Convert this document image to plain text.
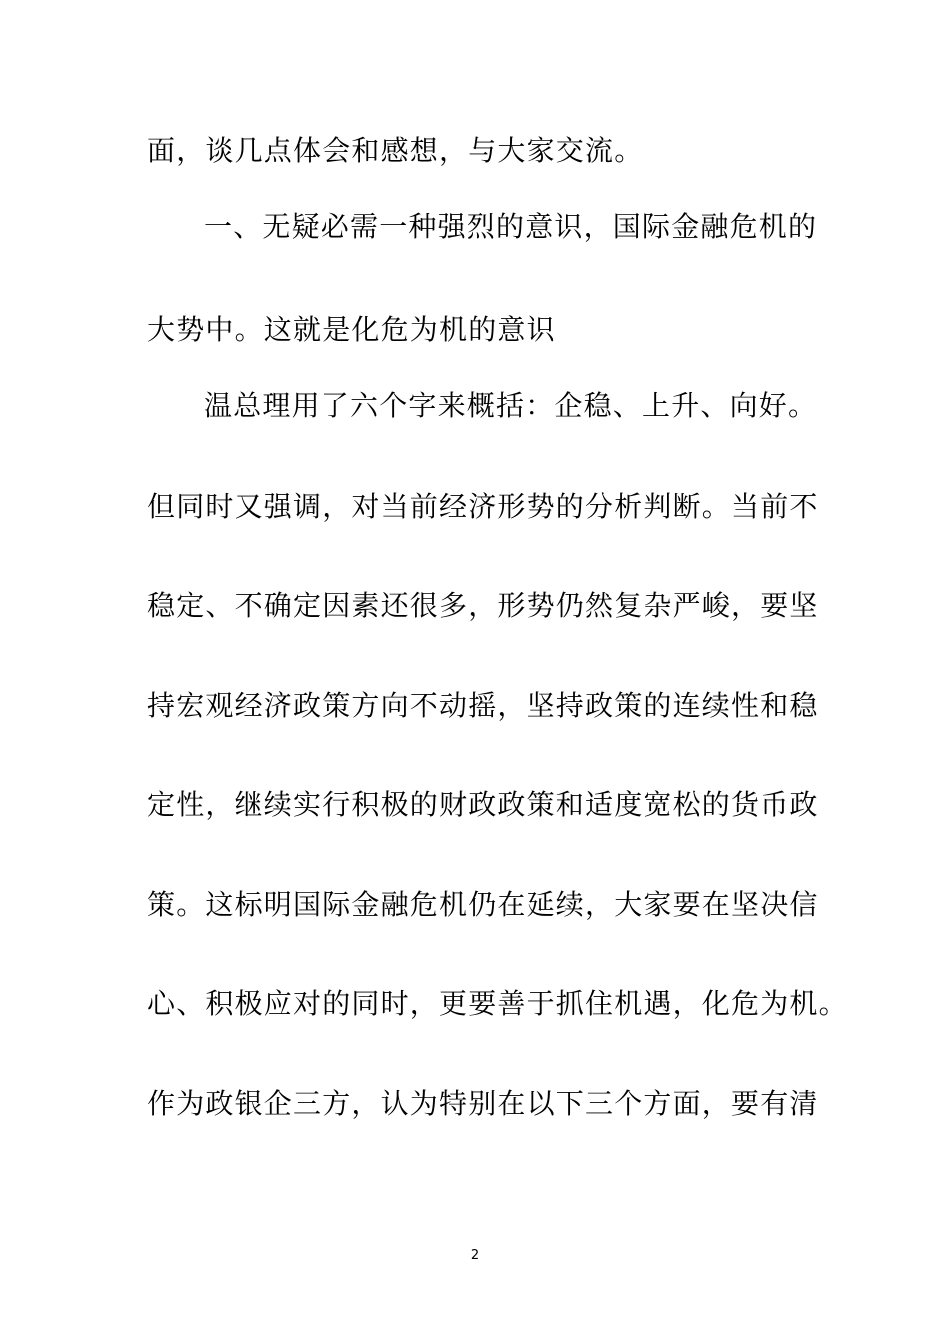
面，谈几点体会和感想，与大家交流。
一、无疑必需一种强烈的意识，国际金融危机的
大势中。这就是化危为机的意识
温总理用了六个字来概括：企稳、上升、向好。
但同时又强调，对当前经济形势的分析判断。当前不
稳定、不确定因素还很多，形势仍然复杂严峻，要坚
持宏观经济政策方向不动摇，坚持政策的连续性和稳
定性，继续实行积极的财政政策和适度宽松的货币政
策。这标明国际金融危机仍在延续，大家要在坚决信
心、积极应对的同时，更要善于抓住机遇，化危为机。
作为政银企三方，认为特别在以下三个方面，要有清
2
